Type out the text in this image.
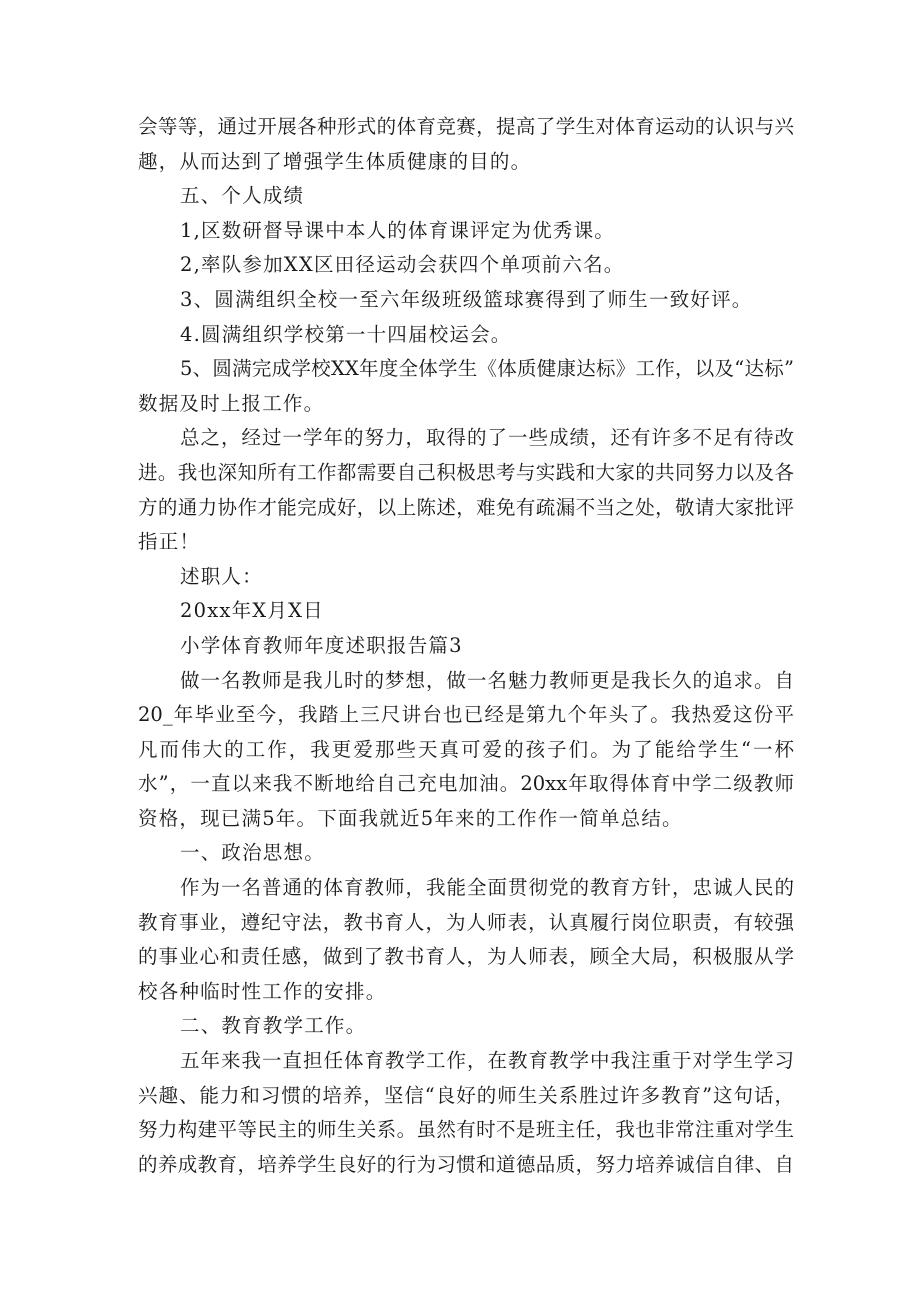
会等等，通过开展各种形式的体育竞赛，提高了学生对体育运动的认识与兴

趣，从而达到了增强学生体质健康的目的。

五、个人成绩

1,区数研督导课中本人的体育课评定为优秀课。

2,率队参加XX区田径运动会获四个单项前六名。

3、圆满组织全校一至六年级班级篮球赛得到了师生一致好评。

4.圆满组织学校第一十四届校运会。

5、圆满完成学校XX年度全体学生《体质健康达标》工作，以及“达标”

数据及时上报工作。

总之，经过一学年的努力，取得的了一些成绩，还有许多不足有待改

进。我也深知所有工作都需要自己积极思考与实践和大家的共同努力以及各

方的通力协作才能完成好，以上陈述，难免有疏漏不当之处，敬请大家批评

指正！

述职人：

20xx年X月X日

小学体育教师年度述职报告篇3

做一名教师是我儿时的梦想，做一名魅力教师更是我长久的追求。自

20_年毕业至今，我踏上三尺讲台也已经是第九个年头了。我热爱这份平

凡而伟大的工作，我更爱那些天真可爱的孩子们。为了能给学生“一杯

水”，一直以来我不断地给自己充电加油。20xx年取得体育中学二级教师

资格，现已满5年。下面我就近5年来的工作作一简单总结。

一、政治思想。

作为一名普通的体育教师，我能全面贯彻党的教育方针，忠诚人民的

教育事业，遵纪守法，教书育人，为人师表，认真履行岗位职责，有较强

的事业心和责任感，做到了教书育人，为人师表，顾全大局，积极服从学

校各种临时性工作的安排。

二、教育教学工作。

五年来我一直担任体育教学工作，在教育教学中我注重于对学生学习

兴趣、能力和习惯的培养，坚信“良好的师生关系胜过许多教育”这句话，

努力构建平等民主的师生关系。虽然有时不是班主任，我也非常注重对学生

的养成教育，培养学生良好的行为习惯和道德品质，努力培养诚信自律、自
